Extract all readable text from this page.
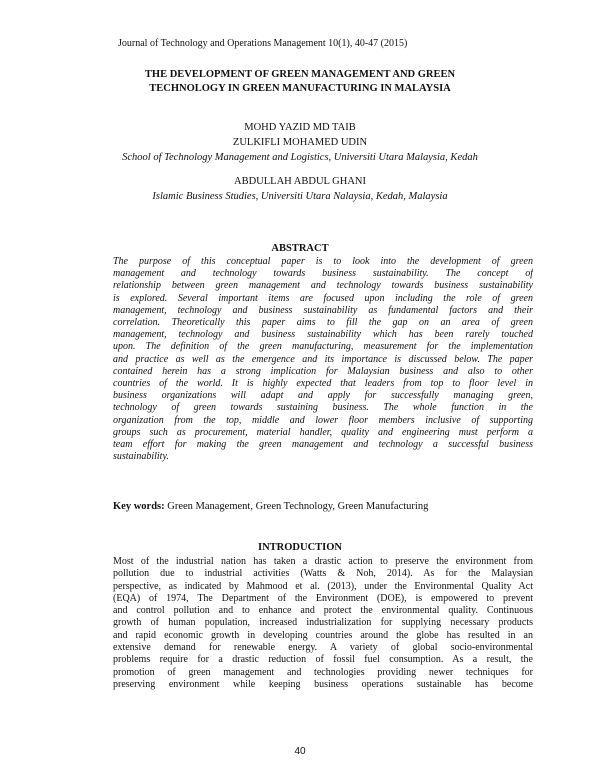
Journal of Technology and Operations Management 10(1), 40-47 (2015)
THE DEVELOPMENT OF GREEN MANAGEMENT AND GREEN
TECHNOLOGY IN GREEN MANUFACTURING IN MALAYSIA
MOHD YAZID MD TAIB
ZULKIFLI MOHAMED UDIN
School of Technology Management and Logistics, Universiti Utara Malaysia, Kedah
ABDULLAH ABDUL GHANI
Islamic Business Studies, Universiti Utara Nalaysia, Kedah, Malaysia
ABSTRACT
The purpose of this conceptual paper is to look into the development of green
management and technology towards business sustainability. The concept of
relationship between green management and technology towards business sustainability
is explored. Several important items are focused upon including the role of green
management, technology and business sustainability as fundamental factors and their
correlation. Theoretically this paper aims to fill the gap on an area of green
management, technology and business sustainability which has been rarely touched
upon. The definition of the green manufacturing, measurement for the implementation
and practice as well as the emergence and its importance is discussed below. The paper
contained herein has a strong implication for Malaysian business and also to other
countries of the world. It is highly expected that leaders from top to floor level in
business organizations will adapt and apply for successfully managing green,
technology of green towards sustaining business. The whole function in the
organization from the top, middle and lower floor members inclusive of supporting
groups such as procurement, material handler, quality and engineering must perform a
team effort for making the green management and technology a successful business
sustainability.
Key words: Green Management, Green Technology, Green Manufacturing
INTRODUCTION
Most of the industrial nation has taken a drastic action to preserve the environment from
pollution due to industrial activities (Watts & Noh, 2014). As for the Malaysian
perspective, as indicated by Mahmood et al. (2013), under the Environmental Quality Act
(EQA) of 1974, The Department of the Environment (DOE), is empowered to prevent
and control pollution and to enhance and protect the environmental quality. Continuous
growth of human population, increased industrialization for supplying necessary products
and rapid economic growth in developing countries around the globe has resulted in an
extensive demand for renewable energy. A variety of global socio-environmental
problems require for a drastic reduction of fossil fuel consumption. As a result, the
promotion of green management and technologies providing newer techniques for
preserving environment while keeping business operations sustainable has become
40
